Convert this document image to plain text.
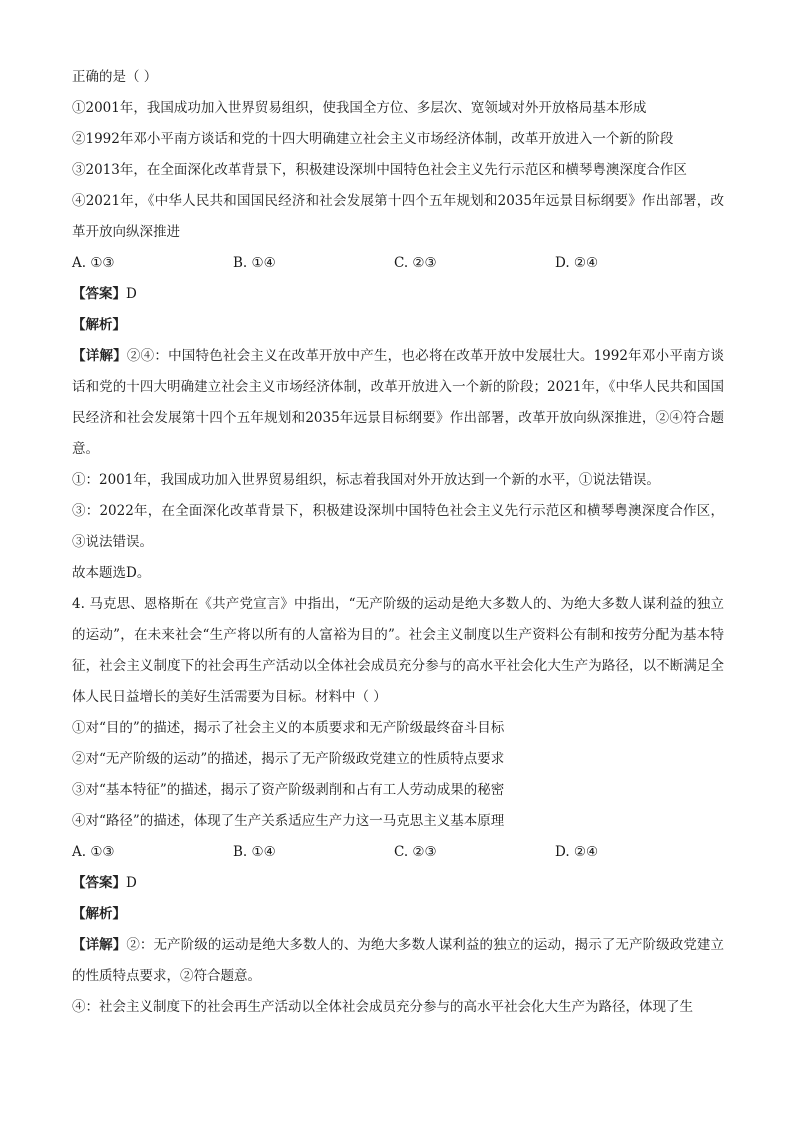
正确的是（ ）
①2001年，我国成功加入世界贸易组织，使我国全方位、多层次、宽领域对外开放格局基本形成
②1992年邓小平南方谈话和党的十四大明确建立社会主义市场经济体制，改革开放进入一个新的阶段
③2013年，在全面深化改革背景下，积极建设深圳中国特色社会主义先行示范区和横琴粤澳深度合作区
④2021年，《中华人民共和国国民经济和社会发展第十四个五年规划和2035年远景目标纲要》作出部署，改革开放向纵深推进
A. ①③	B. ①④	C. ②③	D. ②④
【答案】D
【解析】
【详解】②④：中国特色社会主义在改革开放中产生，也必将在改革开放中发展壮大。1992年邓小平南方谈话和党的十四大明确建立社会主义市场经济体制，改革开放进入一个新的阶段；2021年，《中华人民共和国国民经济和社会发展第十四个五年规划和2035年远景目标纲要》作出部署，改革开放向纵深推进，②④符合题意。
①：2001年，我国成功加入世界贸易组织，标志着我国对外开放达到一个新的水平，①说法错误。
③：2022年，在全面深化改革背景下，积极建设深圳中国特色社会主义先行示范区和横琴粤澳深度合作区，③说法错误。
故本题选D。
4. 马克思、恩格斯在《共产党宣言》中指出，“无产阶级的运动是绝大多数人的、为绝大多数人谋利益的独立的运动”，在未来社会“生产将以所有的人富裕为目的”。社会主义制度以生产资料公有制和按劳分配为基本特征，社会主义制度下的社会再生产活动以全体社会成员充分参与的高水平社会化大生产为路径，以不断满足全体人民日益增长的美好生活需要为目标。材料中（ ）
①对“目的”的描述，揭示了社会主义的本质要求和无产阶级最终奋斗目标
②对“无产阶级的运动”的描述，揭示了无产阶级政党建立的性质特点要求
③对“基本特征”的描述，揭示了资产阶级剥削和占有工人劳动成果的秘密
④对“路径”的描述，体现了生产关系适应生产力这一马克思主义基本原理
A. ①③	B. ①④	C. ②③	D. ②④
【答案】D
【解析】
【详解】②：无产阶级的运动是绝大多数人的、为绝大多数人谋利益的独立的运动，揭示了无产阶级政党建立的性质特点要求，②符合题意。
④：社会主义制度下的社会再生产活动以全体社会成员充分参与的高水平社会化大生产为路径，体现了生
